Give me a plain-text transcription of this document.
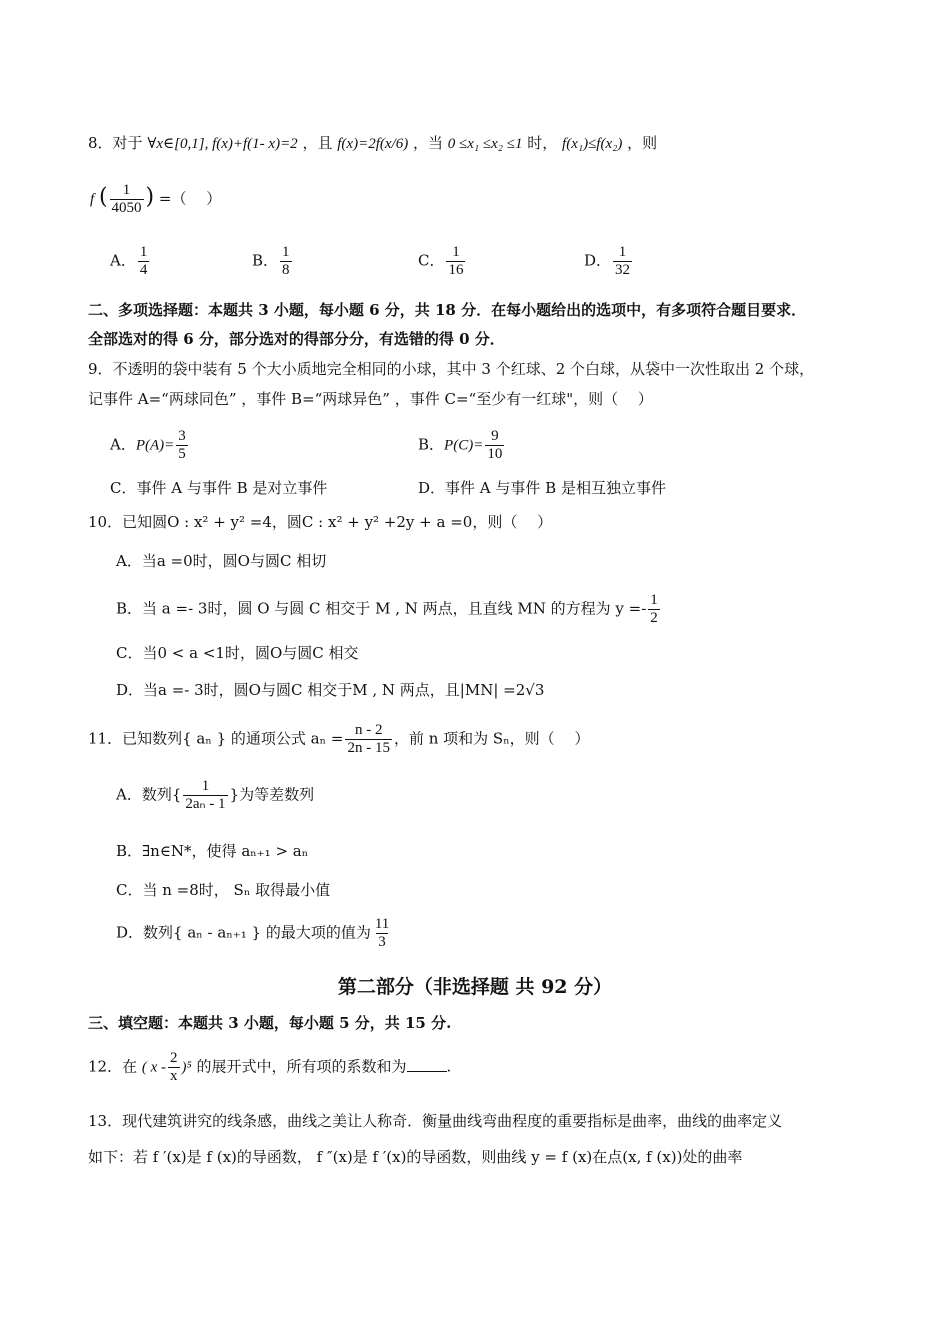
8．对于 ∀x∈[0,1], f(x)+f(1- x)=2 ，且 f(x)=2f(x/6) ，当 0 ≤x₁ ≤x₂ ≤1 时， f(x₁)≤f(x₂) ，则
f ( $\frac{1}{4050}$ ) =（　 ）
A． $\frac{1}{4}$	B． $\frac{1}{8}$	C． $\frac{1}{16}$	D． $\frac{1}{32}$
二、多项选择题：本题共 3 小题，每小题 6 分，共 18 分．在每小题给出的选项中，有多项符合题目要求．
全部选对的得 6 分，部分选对的得部分分，有选错的得 0 分．
9．不透明的袋中装有 5 个大小质地完全相同的小球，其中 3 个红球、2 个白球，从袋中一次性取出 2 个球，
记事件 A=“两球同色” ，事件 B=“两球异色” ，事件 C=“至少有一红球"，则（　 ）
A．$P(A)= \frac{3}{5}$	B．$P(C)= \frac{9}{10}$
C．事件 A 与事件 B 是对立事件	D．事件 A 与事件 B 是相互独立事件
10．已知圆O : x² + y² =4，圆C : x² + y² +2y + a =0，则（　 ）
A．当a =0时，圆O与圆C 相切
B．当 a =- 3时，圆 O 与圆 C 相交于 M , N 两点，且直线 MN 的方程为 $y =- \frac{1}{2}$
C．当0 < a <1时，圆O与圆C 相交
D．当a =- 3时，圆O与圆C 相交于M , N 两点，且|MN| =2√3
11．已知数列{ aₙ } 的通项公式 $a_n = \frac{n - 2}{2n - 15}$ ，前 n 项和为 Sₙ，则（　 ）
A．数列{ $\frac{1}{\text{2aₙ - 1}}$ }为等差数列
B．∃n∈N*，使得 aₙ₊₁ > aₙ
C．当 n =8时， Sₙ 取得最小值
D．数列{ aₙ - aₙ₊₁ } 的最大项的值为 $\frac{11}{3}$
第二部分（非选择题 共 92 分）
三、填空题：本题共 3 小题，每小题 5 分，共 15 分.
12．在 ( x - $\frac{2}{x} )^5$ 的展开式中，所有项的系数和为	.
13．现代建筑讲究的线条感，曲线之美让人称奇．衡量曲线弯曲程度的重要指标是曲率，曲线的曲率定义
如下：若 f ′(x)是 f (x)的导函数， f ″(x)是 f ′(x)的导函数，则曲线 y = f (x)在点(x, f (x))处的曲率
